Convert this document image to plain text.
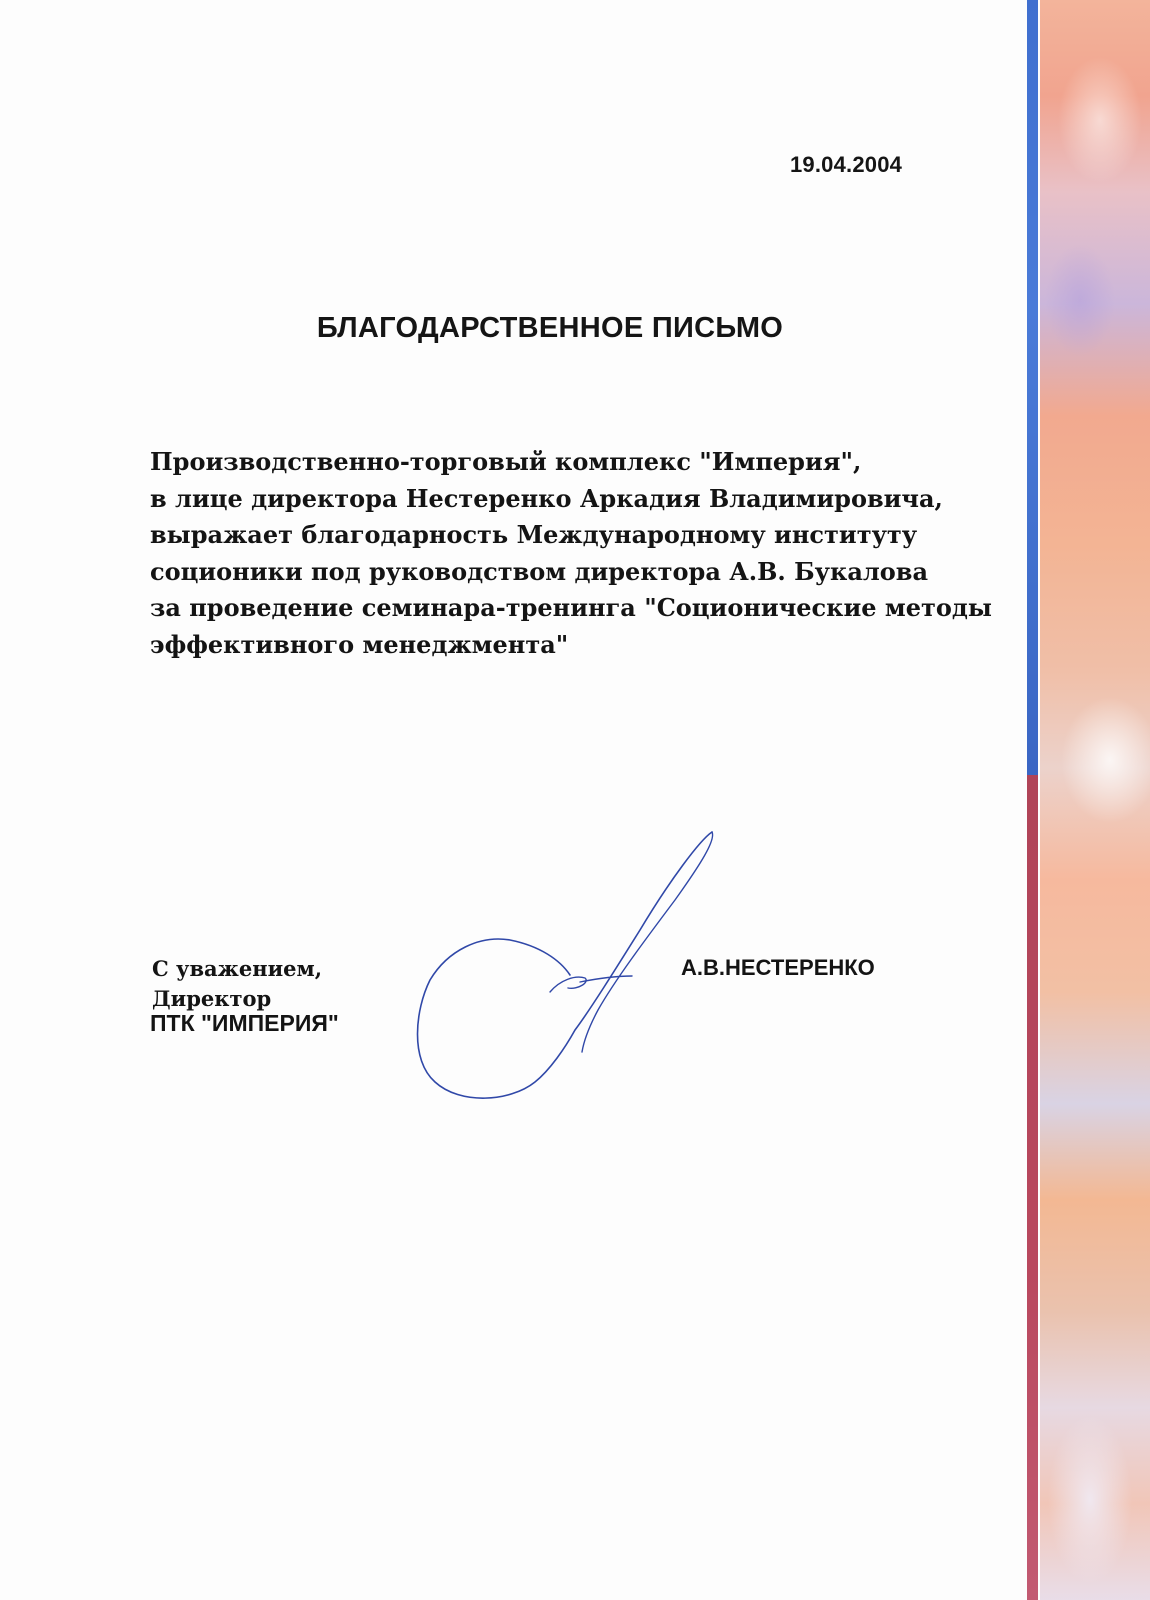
19.04.2004
БЛАГОДАРСТВЕННОЕ ПИСЬМО
Производственно-торговый комплекс "Империя",
в лице директора Нестеренко Аркадия Владимировича,
выражает благодарность Международному институту
соционики под руководством директора А.В. Букалова
за проведение семинара-тренинга "Соционические методы
эффективного менеджмента"
С уважением,
Директор
ПТК "ИМПЕРИЯ"
А.В.НЕСТЕРЕНКО
